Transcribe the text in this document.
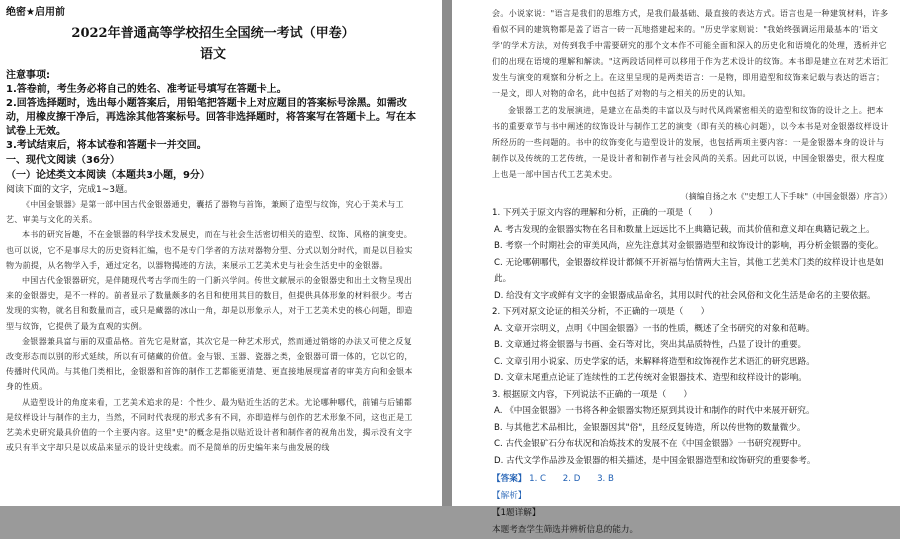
绝密★启用前
2022年普通高等学校招生全国统一考试（甲卷）
语文
注意事项:
1.答卷前，考生务必将自己的姓名、准考证号填写在答题卡上。
2.回答选择题时，选出每小题答案后，用铅笔把答题卡上对应题目的答案标号涂黑。如需改动，用橡皮擦干净后，再选涂其他答案标号。回答非选择题时，将答案写在答题卡上。写在本试卷上无效。
3.考试结束后，将本试卷和答题卡一并交回。
一、现代文阅读（36分）
（一）论述类文本阅读（本题共3小题，9分）
阅读下面的文字，完成1~3题。

《中国金银器》是第一部中国古代金银器通史，囊括了器物与首饰，兼顾了造型与纹饰，究心于美术与工艺、审美与文化的关系。

本书的研究旨趣，不在金银器的科学技术发展史，而在与社会生活密切相关的造型、纹饰、风格的演变史。也可以说，它不是事尽大的历史资料汇编，也不是专门学者的方法对器物分型、分式以划分时代，而是以目验实物为前提，从名物学入手，通过定名，以器物揭迹的方法，来展示工艺美术史与社会生活史中的金银器。

中国古代金银器研究，是伴随现代考古学而生的一门新兴学问。传世文献展示的金银器史和出土文物呈现出来的金银器史，是不一样的。前者显示了数量颇多的名目和使用其目的数目，但提供具体形象的材料很少。考古发现的实物，就名目和数量而言，或只是藏器的冰山一角，却是以形象示人，对于工艺美术史的核心问题，即造型与纹饰，它提供了最为直观的实例。

金银器兼具富与丽的双重品格。首先它是财富，其次它是一种艺术形式，然而通过销熔的办法又可使之反复改变形态而以别的形式延续，所以有可储藏的价值。金与银、玉器、瓷器之类，金银器可谓一体的，它以它的，传播时代风尚。与其他门类相比，金银器和首饰的制作工艺都能更清楚、更直接地展现富者的审美方向和金银本身的性质。

从造型设计的角度来看，工艺美术追求的是：个性少、最为贴近生活的艺术。尤论哪种哪代，前铺与后铺都是纹样设计与制作的主力，当然，不同时代表现的形式多有不同，亦即造样与创作的艺术形象不同，这也正是工艺美术史研究最具价值的一个主要内容。这里"史"的概念是指以贴近设计者和制作者的视角出发，揭示没有文字或只有半文字却只是以成品来显示的设计史线索。而不是简单的历史编年来与曲发展的线

会。小说家说："语言是我们的思维方式，是我们最基础、最直接的表达方式。语言也是一种建筑材料，许多看似不同的建筑物都是盖了语言一砖一瓦地搭建起来的。"历史学家则说："我始终强调运用最基本的'语文学'的学术方法，对传到我手中需要研究的那个文本作不可能全面和深入的历史化和语境化的处理，透析并它们的出现在语境的理解和解读。"这两段话同样可以移用于作为艺术设计的纹饰。本书即是建立在对艺术语汇发生与演变的观察和分析之上。在这里呈现的是两类语言：一是物，即用造型和纹饰来记载与表达的语言；一是文，即人对物的命名，此中包括了对物的与之相关的历史的认知。

金银器工艺的发展演进，是建立在品类的丰富以及与时代风尚紧密相关的造型和纹饰的设计之上。把本书的重要章节与书中阐述的纹饰设计与制作工艺的演变（即有关的核心问题），以今本书是对金银器纹样设计所经历的一些问题的。书中的纹饰变化与造型设计的发展，也包括两项主要内容：一是金银器本身的设计与制作以及传统的工艺传统，一是设计者和制作者与社会风尚的关系。因此可以说，中国金银器史，很大程度上也是一部中国古代工艺美术史。

（摘编自扬之水《"史想工人下手味"（中国金银器）序言》）

1. 下列关于原文内容的理解和分析，正确的一项是（　　）

A. 考古发现的金银器实物在名目和数量上远远比不上典籍记载，而其价值和意义却在典籍记载之上。

B. 考察一个时期社会的审美风尚，应先注意其对金银器造型和纹饰设计的影响，再分析金银器的变化。

C. 无论哪朝哪代，金银器纹样设计都倾不开祈福与怡情两大主旨，其他工艺美术门类的纹样设计也是如此。

D. 给没有文字或鲜有文字的金银器成品命名，其用以时代的社会风俗和文化生活是命名的主要依据。

2. 下列对原文论证的相关分析，不正确的一项是（　　）

A. 文章开宗明义，点明《中国金银器》一书的性质，概述了全书研究的对象和范畴。

B. 文章通过将金银器与书画、金石等对比，突出其品质特性，凸显了设计的重要。

C. 文章引用小说家、历史学家的话，来解释将造型和纹饰视作艺术语汇的研究思路。

D. 文章末尾重点论证了连续性的工艺传统对金银器技术、造型和纹样设计的影响。

3. 根据原文内容，下列说法不正确的一项是（　　）

A. 《中国金银器》一书将各种金银器实物还原到其设计和制作的时代中来展开研究。

B. 与其他艺术品相比，金银器因其"俗"，且经反复铸造，所以传世物的数量微少。

C. 古代金银矿石分布状况和冶炼技术的发展不在《中国金银器》一书研究视野中。

D. 古代文学作品涉及金银器的相关描述，是中国金银器造型和纹饰研究的重要参考。

【答案】 1. C 2. D 3. B

【解析】
【1题详解】
本题考查学生筛选并辨析信息的能力。
